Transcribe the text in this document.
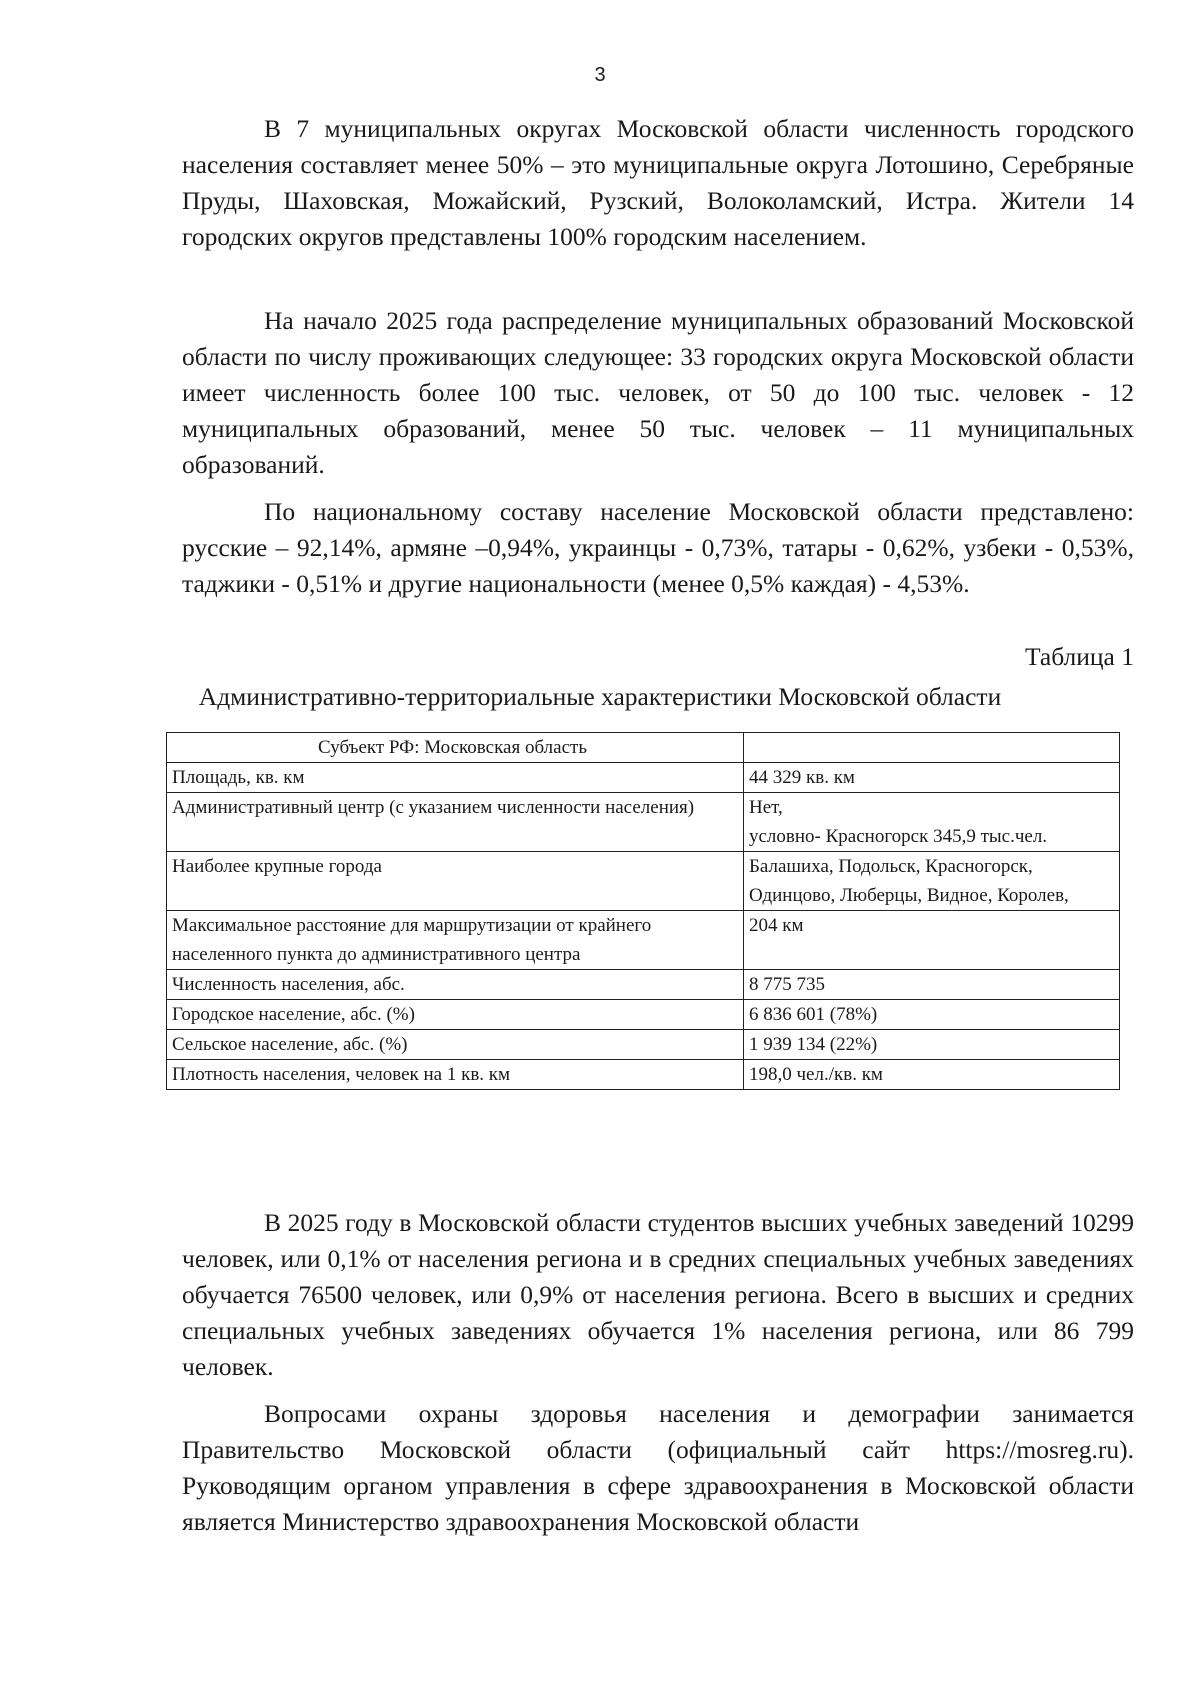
3

В 7 муниципальных округах Московской области численность городского населения составляет менее 50% – это муниципальные округа Лотошино, Серебряные Пруды, Шаховская, Можайский, Рузский, Волоколамский, Истра. Жители 14 городских округов представлены 100% городским населением.

На начало 2025 года распределение муниципальных образований Московской области по числу проживающих следующее: 33 городских округа Московской области имеет численность более 100 тыс. человек, от 50 до 100 тыс. человек - 12 муниципальных образований, менее 50 тыс. человек – 11 муниципальных образований.

По национальному составу население Московской области представлено: русские – 92,14%, армяне –0,94%, украинцы - 0,73%, татары - 0,62%, узбеки - 0,53%, таджики - 0,51% и другие национальности (менее 0,5% каждая) - 4,53%.

Таблица 1
Административно-территориальные характеристики Московской области
Субъект РФ: Московская область	
Площадь, кв. км	44 329 кв. км
Административный центр (с указанием численности населения)	Нет,
условно- Красногорск 345,9 тыс.чел.
Наиболее крупные города	Балашиха, Подольск, Красногорск, Одинцово, Люберцы, Видное, Королев,
Максимальное расстояние для маршрутизации от крайнего населенного пункта до административного центра	204 км
Численность населения, абс.	8 775 735
Городское население, абс. (%)	6 836 601 (78%)
Сельское население, абс. (%)	1 939 134 (22%)
Плотность населения, человек на 1 кв. км	198,0 чел./кв. км

В 2025 году в Московской области студентов высших учебных заведений 10299 человек, или 0,1% от населения региона и в средних специальных учебных заведениях обучается 76500 человек, или 0,9% от населения региона. Всего в высших и средних специальных учебных заведениях обучается 1% населения региона, или 86 799 человек.

Вопросами охраны здоровья населения и демографии занимается Правительство Московской области (официальный сайт https://mosreg.ru). Руководящим органом управления в сфере здравоохранения в Московской области является Министерство здравоохранения Московской области
